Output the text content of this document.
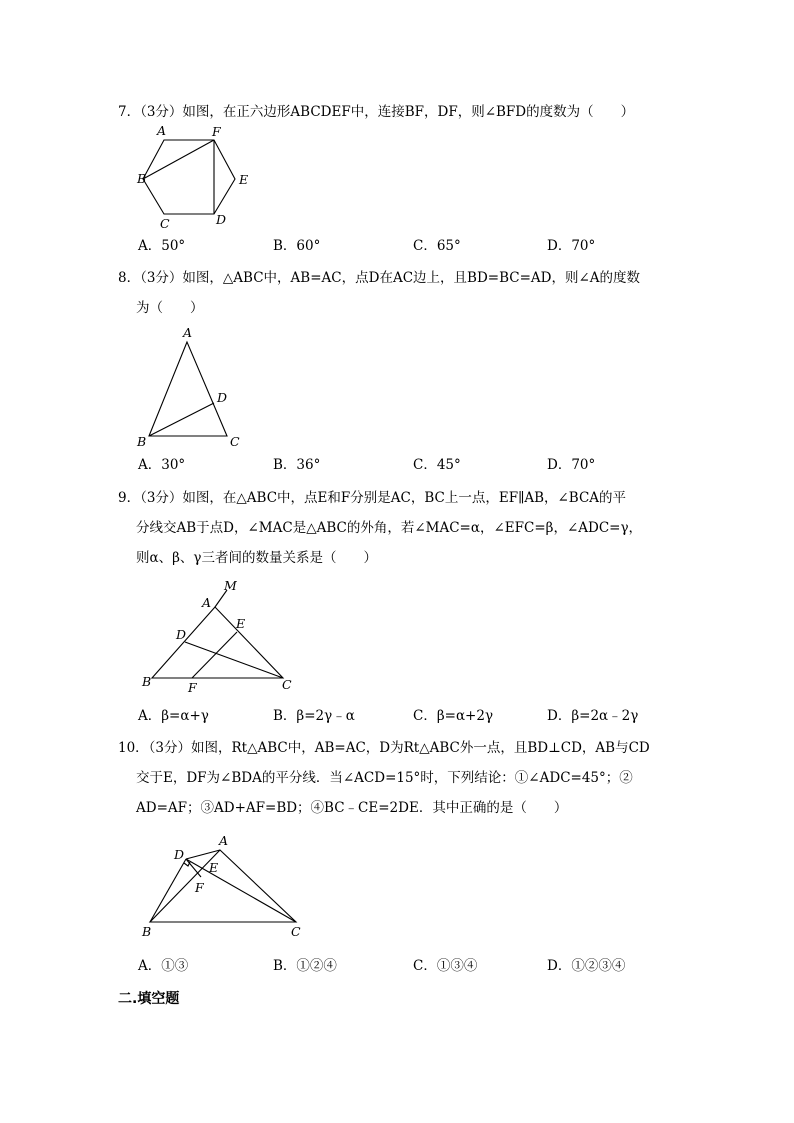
7．（3分）如图，在正六边形ABCDEF中，连接BF，DF，则∠BFD的度数为（　　）
A	F
B	E
C	D
A．50°	B．60°	C．65°	D．70°
8．（3分）如图，△ABC中，AB=AC，点D在AC边上，且BD=BC=AD，则∠A的度数
为（　　）
A
D
B	C
A．30°	B．36°	C．45°	D．70°
9．（3分）如图，在△ABC中，点E和F分别是AC，BC上一点，EF∥AB，∠BCA的平
分线交AB于点D，∠MAC是△ABC的外角，若∠MAC=α，∠EFC=β，∠ADC=γ，
则α、β、γ三者间的数量关系是（　　）
M
A
E
D
B	F	C
A．β=α+γ	B．β=2γ﹣α	C．β=α+2γ	D．β=2α﹣2γ
10．（3分）如图，Rt△ABC中，AB=AC，D为Rt△ABC外一点，且BD⊥CD，AB与CD
交于E，DF为∠BDA的平分线．当∠ACD=15°时，下列结论：①∠ADC=45°；②
AD=AF；③AD+AF=BD；④BC﹣CE=2DE．其中正确的是（　　）
A
D
E
F
B	C
A．①③	B．①②④	C．①③④	D．①②③④
二.填空题
